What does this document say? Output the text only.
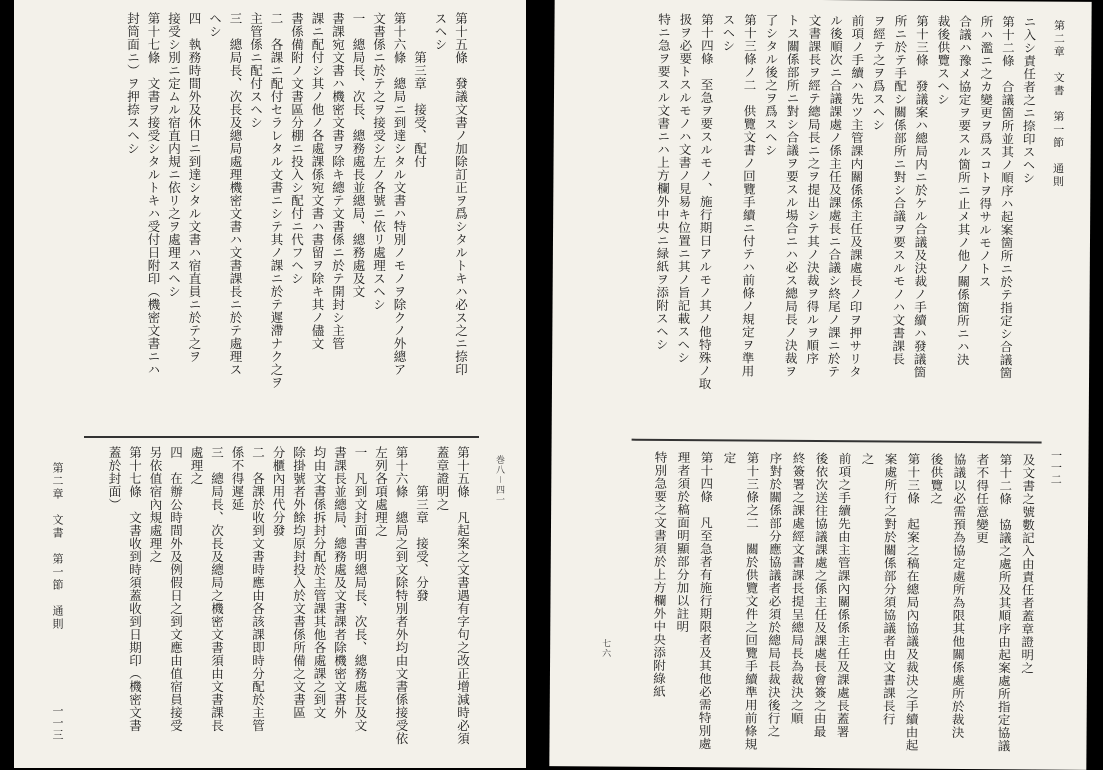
第二章　文書　第一節　通則
一一三
巻八－四一
第十五條　發議文書ノ加除訂正ヲ爲シタルトキハ必ス之ニ捺印
スヘシ
　　　第三章　接受、配付
第十六條　總局ニ到達シタル文書ハ特別ノモノヲ除クノ外總ア
文書係ニ於テ之ヲ接受シ左ノ各號ニ依リ處理スヘシ
一　總局長、次長、總務處長並總局、總務處及文
書課宛文書ハ機密文書ヲ除キ總テ文書係ニ於テ開封シ主管
課ニ配付シ其ノ他ノ各處課係宛文書ハ書留ヲ除キ其ノ儘文
書係備附ノ文書區分棚ニ投入シ配付ニ代フヘシ
二　各課ニ配付セラレタル文書ニシテ其ノ課ニ於テ遲滯ナク之ヲ
主管係ニ配付スヘシ
三　總局長、次長及總局處理機密文書ハ文書課長ニ於テ處理ス
ヘシ
四　執務時間外及休日ニ到達シタル文書ハ宿直員ニ於テ之ヲ
接受シ別ニ定ムル宿直内規ニ依リ之ヲ處理スヘシ
第十七條　文書ヲ接受シタルトキハ受付日附印（機密文書ニハ
封筒面ニ）ヲ押捺スヘシ
第十五條　凡起案之文書遇有字句之改正增減時必須
蓋章證明之
　　　第三章　接受、分發
第十六條　總局之到文除特別者外均由文書係接受依
左列各項處理之
一　凡到文封面書明總局長、次長、總務處長及文
書課長並總局、總務處及文書課者除機密文書外
均由文書係拆封分配於主管課其他各處課之到文
除掛號者外餘均原封投入於文書係所備之文書區
分櫃內用代分發
二　各課於收到文書時應由各該課即時分配於主管
係不得遲延
三　總局長、次長及總局之機密文書須由文書課長
處理之
四　在辦公時間外及例假日之到文應由值宿員接受
另依值宿內規處理之
第十七條　文書收到時須蓋收到日期印（機密文書
蓋於封面）
第二章　文書　第一節　通則
一一二
七六
ニ入シ責任者之ニ捺印スヘシ
第十二條　合議箇所並其ノ順序ハ起案箇所ニ於テ指定シ合議箇
所ハ濫ニ之カ變更ヲ爲スコトヲ得サルモノトス
合議ハ豫メ協定ヲ要スル箇所ニ止メ其ノ他ノ關係箇所ニハ決
裁後供覽スヘシ
第十三條　發議案ハ總局内ニ於ケル合議及決裁ノ手續ハ發議箇
所ニ於テ手配シ關係部所ニ對シ合議ヲ要スルモノハ文書課長
ヲ經テ之ヲ爲スヘシ
前項ノ手續ハ先ツ主管課内關係係主任及課處長ノ印ヲ押サリタ
ル後順次ニ合議課處ノ係主任及課處長ニ合議シ終尾ノ課ニ於テ
文書課長ヲ經テ總局長ニ之ヲ提出シテ其ノ決裁ヲ得ルヲ順序
トス關係部所ニ對シ合議ヲ要スル場合ニハ必ス總局長ノ決裁ヲ
了シタル後之ヲ爲スヘシ
第十三條ノ二　供覽文書ノ回覽手續ニ付テハ前條ノ規定ヲ準用
スヘシ
第十四條　至急ヲ要スルモノ、施行期日アルモノ其ノ他特殊ノ取
扱ヲ必要トスルモノハ文書ノ見易キ位置ニ其ノ旨記載スヘシ
特ニ急ヲ要スル文書ニハ上方欄外中央ニ緑紙ヲ添附スヘシ
及文書之號數記入由責任者蓋章證明之
第十二條　協議之處所及其順序由起案處所指定協議
者不得任意變更
協議以必需預為協定處所為限其他關係處所於裁決
後供覽之
第十三條　起案之稿在總局內協議及裁決之手續由起
案處所行之對於關係部分須協議者由文書課長行
之
前項之手續先由主管課內關係係主任及課處長蓋署
後依次送往協議課處之係主任及課處長會簽之由最
終簽署之課處經文書課長提呈總局長為裁決之順
序對於關係部分應協議者必須於總局長裁決後行之
第十三條之二　關於供覽文件之回覽手續準用前條規
定
第十四條　凡至急者有施行期限者及其他必需特別處
理者須於稿面明顯部分加以註明
特別急要之文書須於上方欄外中央添附綠紙
